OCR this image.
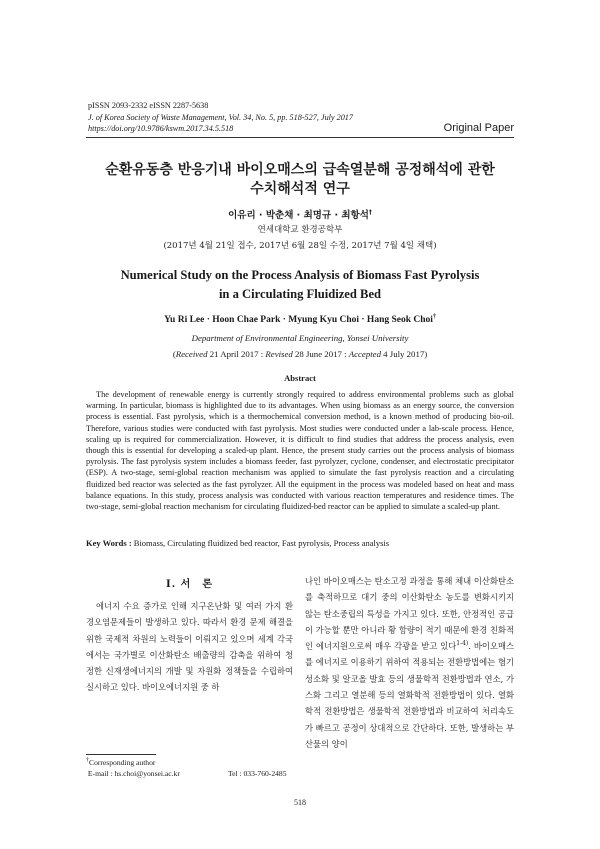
pISSN 2093-2332 eISSN 2287-5638
J. of Korea Society of Waste Management, Vol. 34, No. 5, pp. 518-527, July 2017
https://doi.org/10.9786/kswm.2017.34.5.518	Original Paper
순환유동층 반응기내 바이오매스의 급속열분해 공정해석에 관한
수치해석적 연구
이유리 · 박춘채 · 최명규 · 최항석†
연세대학교 환경공학부
(2017년 4월 21일 접수, 2017년 6월 28일 수정, 2017년 7월 4일 채택)
Numerical Study on the Process Analysis of Biomass Fast Pyrolysis
in a Circulating Fluidized Bed
Yu Ri Lee · Hoon Chae Park · Myung Kyu Choi · Hang Seok Choi†
Department of Environmental Engineering, Yonsei University
(Received 21 April 2017 : Revised 28 June 2017 : Accepted 4 July 2017)
Abstract
The development of renewable energy is currently strongly required to address environmental problems such as global warming. In particular, biomass is highlighted due to its advantages. When using biomass as an energy source, the conversion process is essential. Fast pyrolysis, which is a thermochemical conversion method, is a known method of producing bio-oil. Therefore, various studies were conducted with fast pyrolysis. Most studies were conducted under a lab-scale process. Hence, scaling up is required for commercialization. However, it is difficult to find studies that address the process analysis, even though this is essential for developing a scaled-up plant. Hence, the present study carries out the process analysis of biomass pyrolysis. The fast pyrolysis system includes a biomass feeder, fast pyrolyzer, cyclone, condenser, and electrostatic precipitator (ESP). A two-stage, semi-global reaction mechanism was applied to simulate the fast pyrolysis reaction and a circulating fluidized bed reactor was selected as the fast pyrolyzer. All the equipment in the process was modeled based on heat and mass balance equations. In this study, process analysis was conducted with various reaction temperatures and residence times. The two-stage, semi-global reaction mechanism for circulating fluidized-bed reactor can be applied to simulate a scaled-up plant.
Key Words : Biomass, Circulating fluidized bed reactor, Fast pyrolysis, Process analysis
I. 서　론
에너지 수요 증가로 인해 지구온난화 및 여러 가지 환경오염문제들이 발생하고 있다. 따라서 환경 문제 해결을 위한 국제적 차원의 노력들이 이뤄지고 있으며 세계 각국에서는 국가별로 이산화탄소 배출량의 감축을 위하여 청정한 신재생에너지의 개발 및 자원화 정책들을 수립하여 실시하고 있다. 바이오에너지원 중 하
나인 바이오매스는 탄소고정 과정을 통해 체내 이산화탄소를 축적하므로 대기 중의 이산화탄소 농도를 변화시키지 않는 탄소중립의 특성을 가지고 있다. 또한, 안정적인 공급이 가능할 뿐만 아니라 황 함량이 적기 때문에 환경 친화적인 에너지원으로써 매우 각광을 받고 있다$^{1-4)}$. 바이오매스를 에너지로 이용하기 위하여 적용되는 전환방법에는 혐기성소화 및 알코올 발효 등의 생물학적 전환방법과 연소, 가스화 그리고 열분해 등의 열화학적 전환방법이 있다. 열화학적 전환방법은 생물학적 전환방법과 비교하여 처리속도가 빠르고 공정이 상대적으로 간단하다. 또한, 발생하는 부산물의 양이
†Corresponding author
E-mail : hs.choi@yonsei.ac.kr	Tel : 033-760-2485
518
